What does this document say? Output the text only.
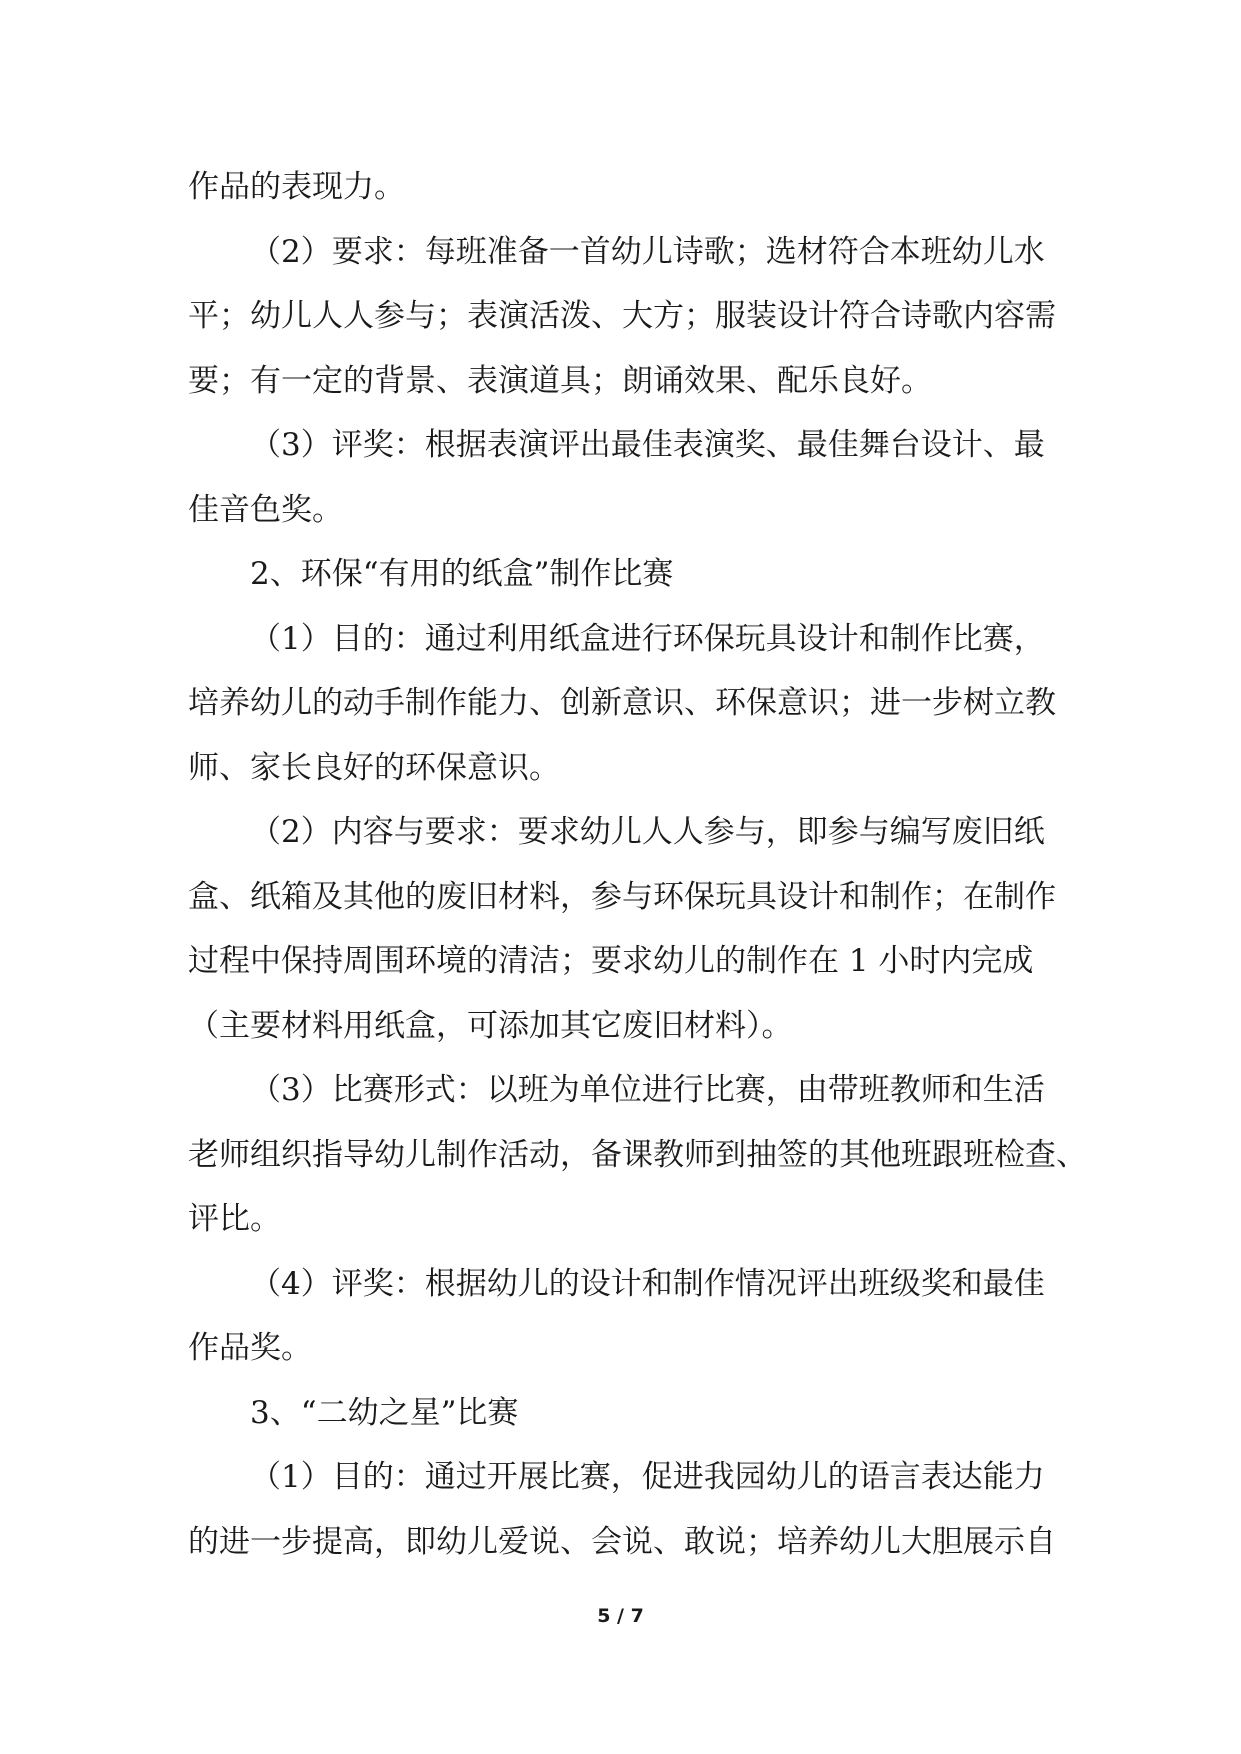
作品的表现力。
（2）要求：每班准备一首幼儿诗歌；选材符合本班幼儿水
平；幼儿人人参与；表演活泼、大方；服装设计符合诗歌内容需
要；有一定的背景、表演道具；朗诵效果、配乐良好。
（3）评奖：根据表演评出最佳表演奖、最佳舞台设计、最
佳音色奖。
2、环保“有用的纸盒”制作比赛
（1）目的：通过利用纸盒进行环保玩具设计和制作比赛，
培养幼儿的动手制作能力、创新意识、环保意识；进一步树立教
师、家长良好的环保意识。
（2）内容与要求：要求幼儿人人参与，即参与编写废旧纸
盒、纸箱及其他的废旧材料，参与环保玩具设计和制作；在制作
过程中保持周围环境的清洁；要求幼儿的制作在 1 小时内完成
（主要材料用纸盒，可添加其它废旧材料）。
（3）比赛形式：以班为单位进行比赛，由带班教师和生活
老师组织指导幼儿制作活动，备课教师到抽签的其他班跟班检查、
评比。
（4）评奖：根据幼儿的设计和制作情况评出班级奖和最佳
作品奖。
3、“二幼之星”比赛
（1）目的：通过开展比赛，促进我园幼儿的语言表达能力
的进一步提高，即幼儿爱说、会说、敢说；培养幼儿大胆展示自
5 / 7
